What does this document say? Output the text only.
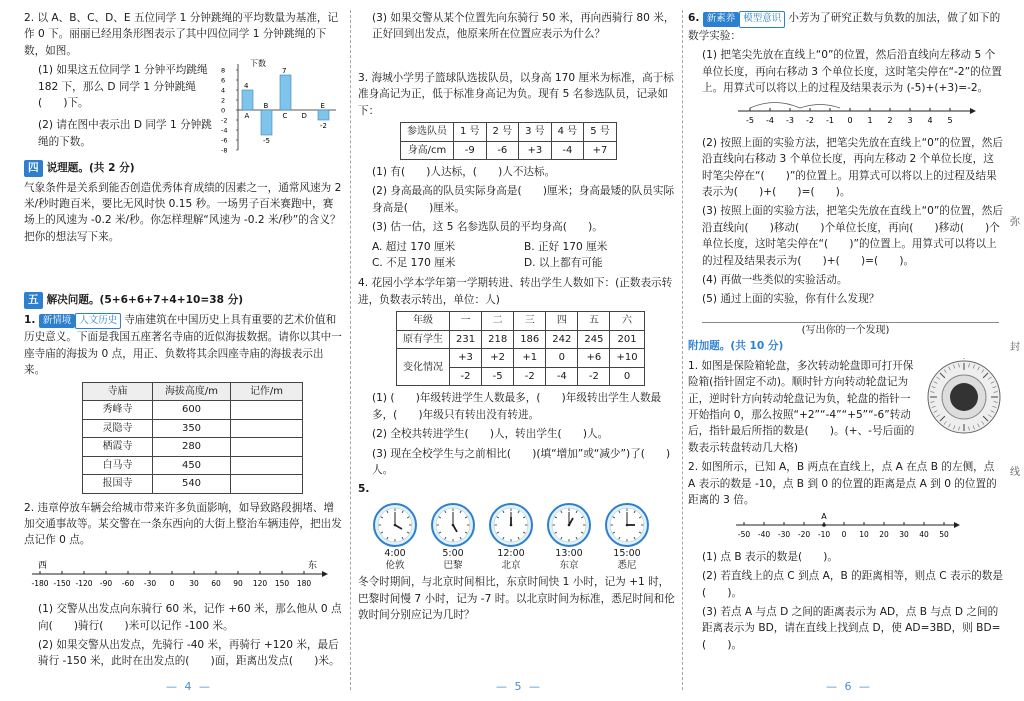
2. 以 A、B、C、D、E 五位同学 1 分钟跳绳的平均数量为基准，记作 0 下。丽丽已经用条形图表示了其中四位同学 1 分钟跳绳的下数，如图。
(1) 如果这五位同学 1 分钟平均跳绳 182 下，那么 D 同学 1 分钟跳绳(　　)下。
(2) 请在图中表示出 D 同学 1 分钟跳绳的下数。
下数
8
6
4
2
0
-2
-4
-6
-8
4
A
-5
B
7
C D
-2
E
四 说理题。(共 2 分)
气象条件是关系到能否创造优秀体育成绩的因素之一，通常风速为 2 米/秒时跑百米，要比无风时快 0.15 秒。一场男子百米赛跑中，赛场上的风速为 -0.2 米/秒。你怎样理解“风速为 -0.2 米/秒”的含义？把你的想法写下来。
五 解决问题。(5+6+6+7+4+10=38 分)
1. 新情境 人文历史 寺庙建筑在中国历史上具有重要的艺术价值和历史意义。下面是我国五座著名寺庙的近似海拔数据。请你以其中一座寺庙的海拔为 0 点，用正、负数将其余四座寺庙的海拔表示出来。
寺庙	海拔高度/m	记作/m
秀峰寺	600	
灵隐寺	350	
栖霞寺	280	
白马寺	450	
报国寺	540	
2. 违章停放车辆会给城市带来许多负面影响，如导致路段拥堵、增加交通事故等。某交警在一条东西向的大街上整治车辆违停，把出发点记作 0 点。
西	东
-180 -150 -120 -90 -60 -30 0 30 60 90 120 150 180
(1) 交警从出发点向东骑行 60 米，记作 +60 米，那么他从 0 点向(　　)骑行(　　)米可以记作 -100 米。
(2) 如果交警从出发点，先骑行 -40 米，再骑行 +120 米，最后骑行 -150 米，此时在出发点的(　　)面，距离出发点(　　)米。
— 4 —
(3) 如果交警从某个位置先向东骑行 50 米，再向西骑行 80 米，正好回到出发点，他原来所在位置应表示为什么？
3. 海城小学男子篮球队选拔队员，以身高 170 厘米为标准，高于标准身高记为正，低于标准身高记为负。现有 5 名参选队员，记录如下：
参选队员	1 号	2 号	3 号	4 号	5 号
身高/cm	-9	-6	+3	-4	+7
(1) 有(　　)人达标，(　　)人不达标。
(2) 身高最高的队员实际身高是(　　)厘米；身高最矮的队员实际身高是(　　)厘米。
(3) 估一估，这 5 名参选队员的平均身高(　　)。
A. 超过 170 厘米	B. 正好 170 厘米
C. 不足 170 厘米	D. 以上都有可能
4. 花园小学本学年第一学期转进、转出学生人数如下：(正数表示转进，负数表示转出，单位：人)
年级	一	二	三	四	五	六
原有学生	231	218	186	242	245	201
变化情况	+3	+2	+1	0	+6	+10
	-2	-5	-2	-4	-2	0
(1) (　　)年级转进学生人数最多，(　　)年级转出学生人数最多，(　　)年级只有转出没有转进。
(2) 全校共转进学生(　　)人，转出学生(　　)人。
(3) 现在全校学生与之前相比(　　)(填“增加”或“减少”)了(　　)人。
5.
4:00
伦敦
5:00
巴黎
12:00
北京
13:00
东京
15:00
悉尼
冬令时期间，与北京时间相比，东京时间快 1 小时，记为 +1 时，巴黎时间慢 7 小时，记为 -7 时。以北京时间为标准，悉尼时间和伦敦时间分别应记为几时？
— 5 —
6. 新素养 模型意识 小芳为了研究正数与负数的加法，做了如下的数学实验：
(1) 把笔尖先放在直线上“0”的位置，然后沿直线向左移动 5 个单位长度，再向右移动 3 个单位长度，这时笔尖停在“-2”的位置上。用算式可以将以上的过程及结果表示为 (-5)+(+3)=-2。
-5 -4 -3 -2 -1 0 1 2 3 4 5
(2) 按照上面的实验方法，把笔尖先放在直线上“0”的位置，然后沿直线向右移动 3 个单位长度，再向左移动 2 个单位长度，这时笔尖停在“(　　)”的位置上。用算式可以将以上的过程及结果表示为(　　)+(　　)=(　　)。
(3) 按照上面的实验方法，把笔尖先放在直线上“0”的位置，然后沿直线向(　　)移动(　　)个单位长度，再向(　　)移动(　　)个单位长度，这时笔尖停在“(　　)”的位置上。用算式可以将以上的过程及结果表示为(　　)+(　　)=(　　)。
(4) 再做一些类似的实验活动。
(5) 通过上面的实验，你有什么发现？
(写出你的一个发现)
附加题。(共 10 分)
1. 如图是保险箱轮盘，多次转动轮盘即可打开保险箱(指针固定不动)。顺时针方向转动轮盘记为正，逆时针方向转动轮盘记为负，轮盘的指针一开始指向 0，那么按照“+2”“-4”“+5”“-6”转动后，指针最后所指的数是(　　)。(+、-号后面的数表示转盘转动几大格)
2. 如图所示，已知 A，B 两点在直线上，点 A 在点 B 的左侧，点 A 表示的数是 -10，点 B 到 0 的位置的距离是点 A 到 0 的位置的距离的 3 倍。
-50 -40 -30 -20 -10
A
0 10 20 30 40 50
(1) 点 B 表示的数是(　　)。
(2) 若直线上的点 C 到点 A，B 的距离相等，则点 C 表示的数是(　　)。
(3) 若点 A 与点 D 之间的距离表示为 AD，点 B 与点 D 之间的距离表示为 BD，请在直线上找到点 D，使 AD=3BD，则 BD=(　　)。
— 6 —
弥
封
线
